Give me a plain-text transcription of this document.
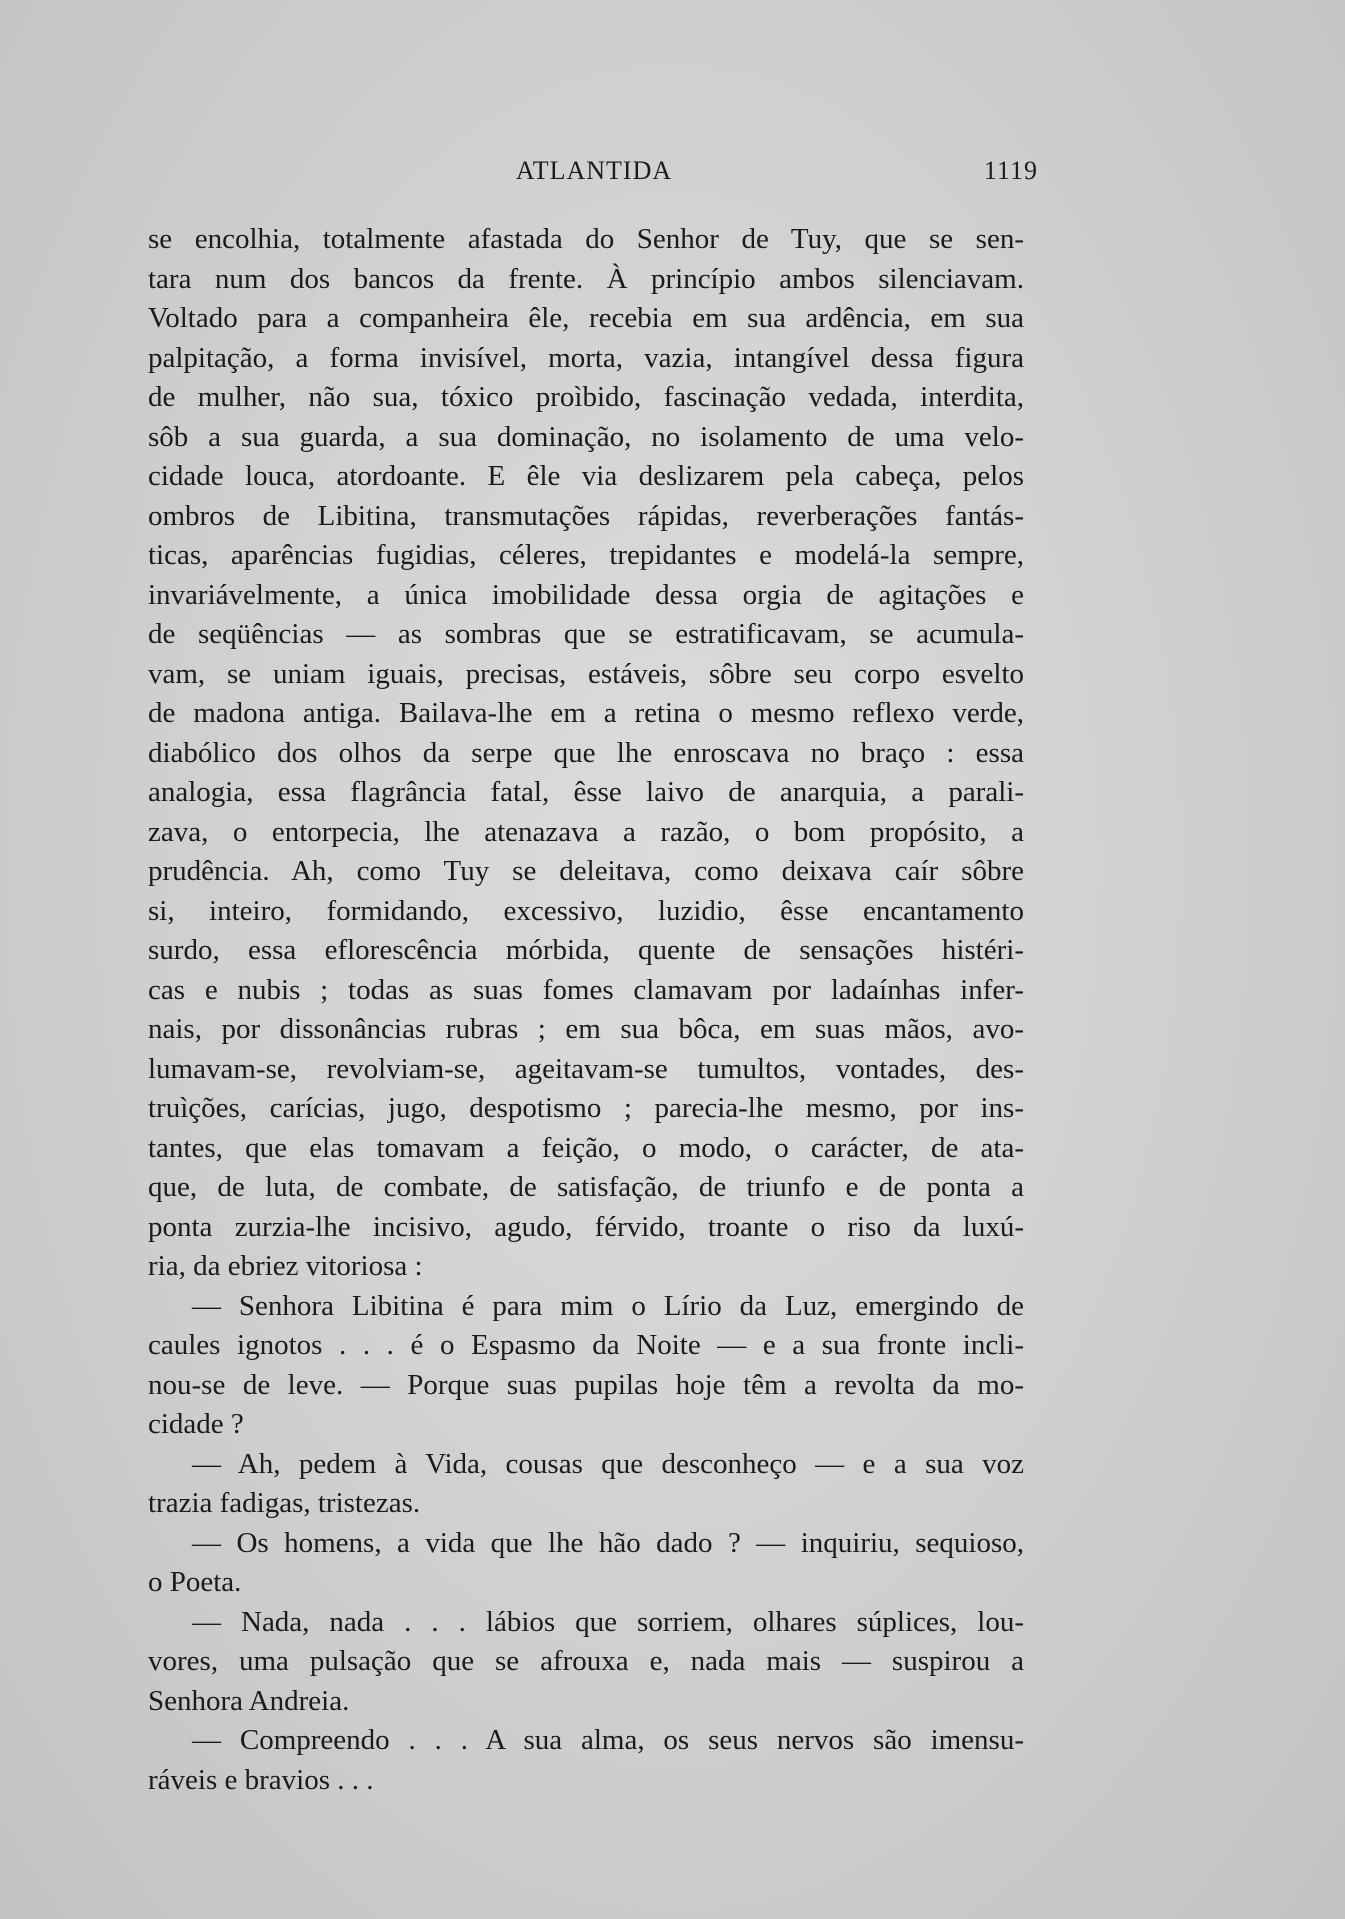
ATLANTIDA	1119
se encolhia, totalmente afastada do Senhor de Tuy, que se sen-
tara num dos bancos da frente. À princípio ambos silenciavam.
Voltado para a companheira êle, recebia em sua ardência, em sua
palpitação, a forma invisível, morta, vazia, intangível dessa figura
de mulher, não sua, tóxico proìbido, fascinação vedada, interdita,
sôb a sua guarda, a sua dominação, no isolamento de uma velo-
cidade louca, atordoante. E êle via deslizarem pela cabeça, pelos
ombros de Libitina, transmutações rápidas, reverberações fantás-
ticas, aparências fugidias, céleres, trepidantes e modelá-la sempre,
invariávelmente, a única imobilidade dessa orgia de agitações e
de seqüências — as sombras que se estratificavam, se acumula-
vam, se uniam iguais, precisas, estáveis, sôbre seu corpo esvelto
de madona antiga. Bailava-lhe em a retina o mesmo reflexo verde,
diabólico dos olhos da serpe que lhe enroscava no braço : essa
analogia, essa flagrância fatal, êsse laivo de anarquia, a parali-
zava, o entorpecia, lhe atenazava a razão, o bom propósito, a
prudência. Ah, como Tuy se deleitava, como deixava caír sôbre
si, inteiro, formidando, excessivo, luzidio, êsse encantamento
surdo, essa eflorescência mórbida, quente de sensações histéri-
cas e nubis ; todas as suas fomes clamavam por ladaínhas infer-
nais, por dissonâncias rubras ; em sua bôca, em suas mãos, avo-
lumavam-se, revolviam-se, ageitavam-se tumultos, vontades, des-
truìções, carícias, jugo, despotismo ; parecia-lhe mesmo, por ins-
tantes, que elas tomavam a feição, o modo, o carácter, de ata-
que, de luta, de combate, de satisfação, de triunfo e de ponta a
ponta zurzia-lhe incisivo, agudo, férvido, troante o riso da luxú-
ria, da ebriez vitoriosa :
— Senhora Libitina é para mim o Lírio da Luz, emergindo de
caules ignotos . . . é o Espasmo da Noite — e a sua fronte incli-
nou-se de leve. — Porque suas pupilas hoje têm a revolta da mo-
cidade ?
— Ah, pedem à Vida, cousas que desconheço — e a sua voz
trazia fadigas, tristezas.
— Os homens, a vida que lhe hão dado ? — inquiriu, sequioso,
o Poeta.
— Nada, nada . . . lábios que sorriem, olhares súplices, lou-
vores, uma pulsação que se afrouxa e, nada mais — suspirou a
Senhora Andreia.
— Compreendo . . . A sua alma, os seus nervos são imensu-
ráveis e bravios . . .
